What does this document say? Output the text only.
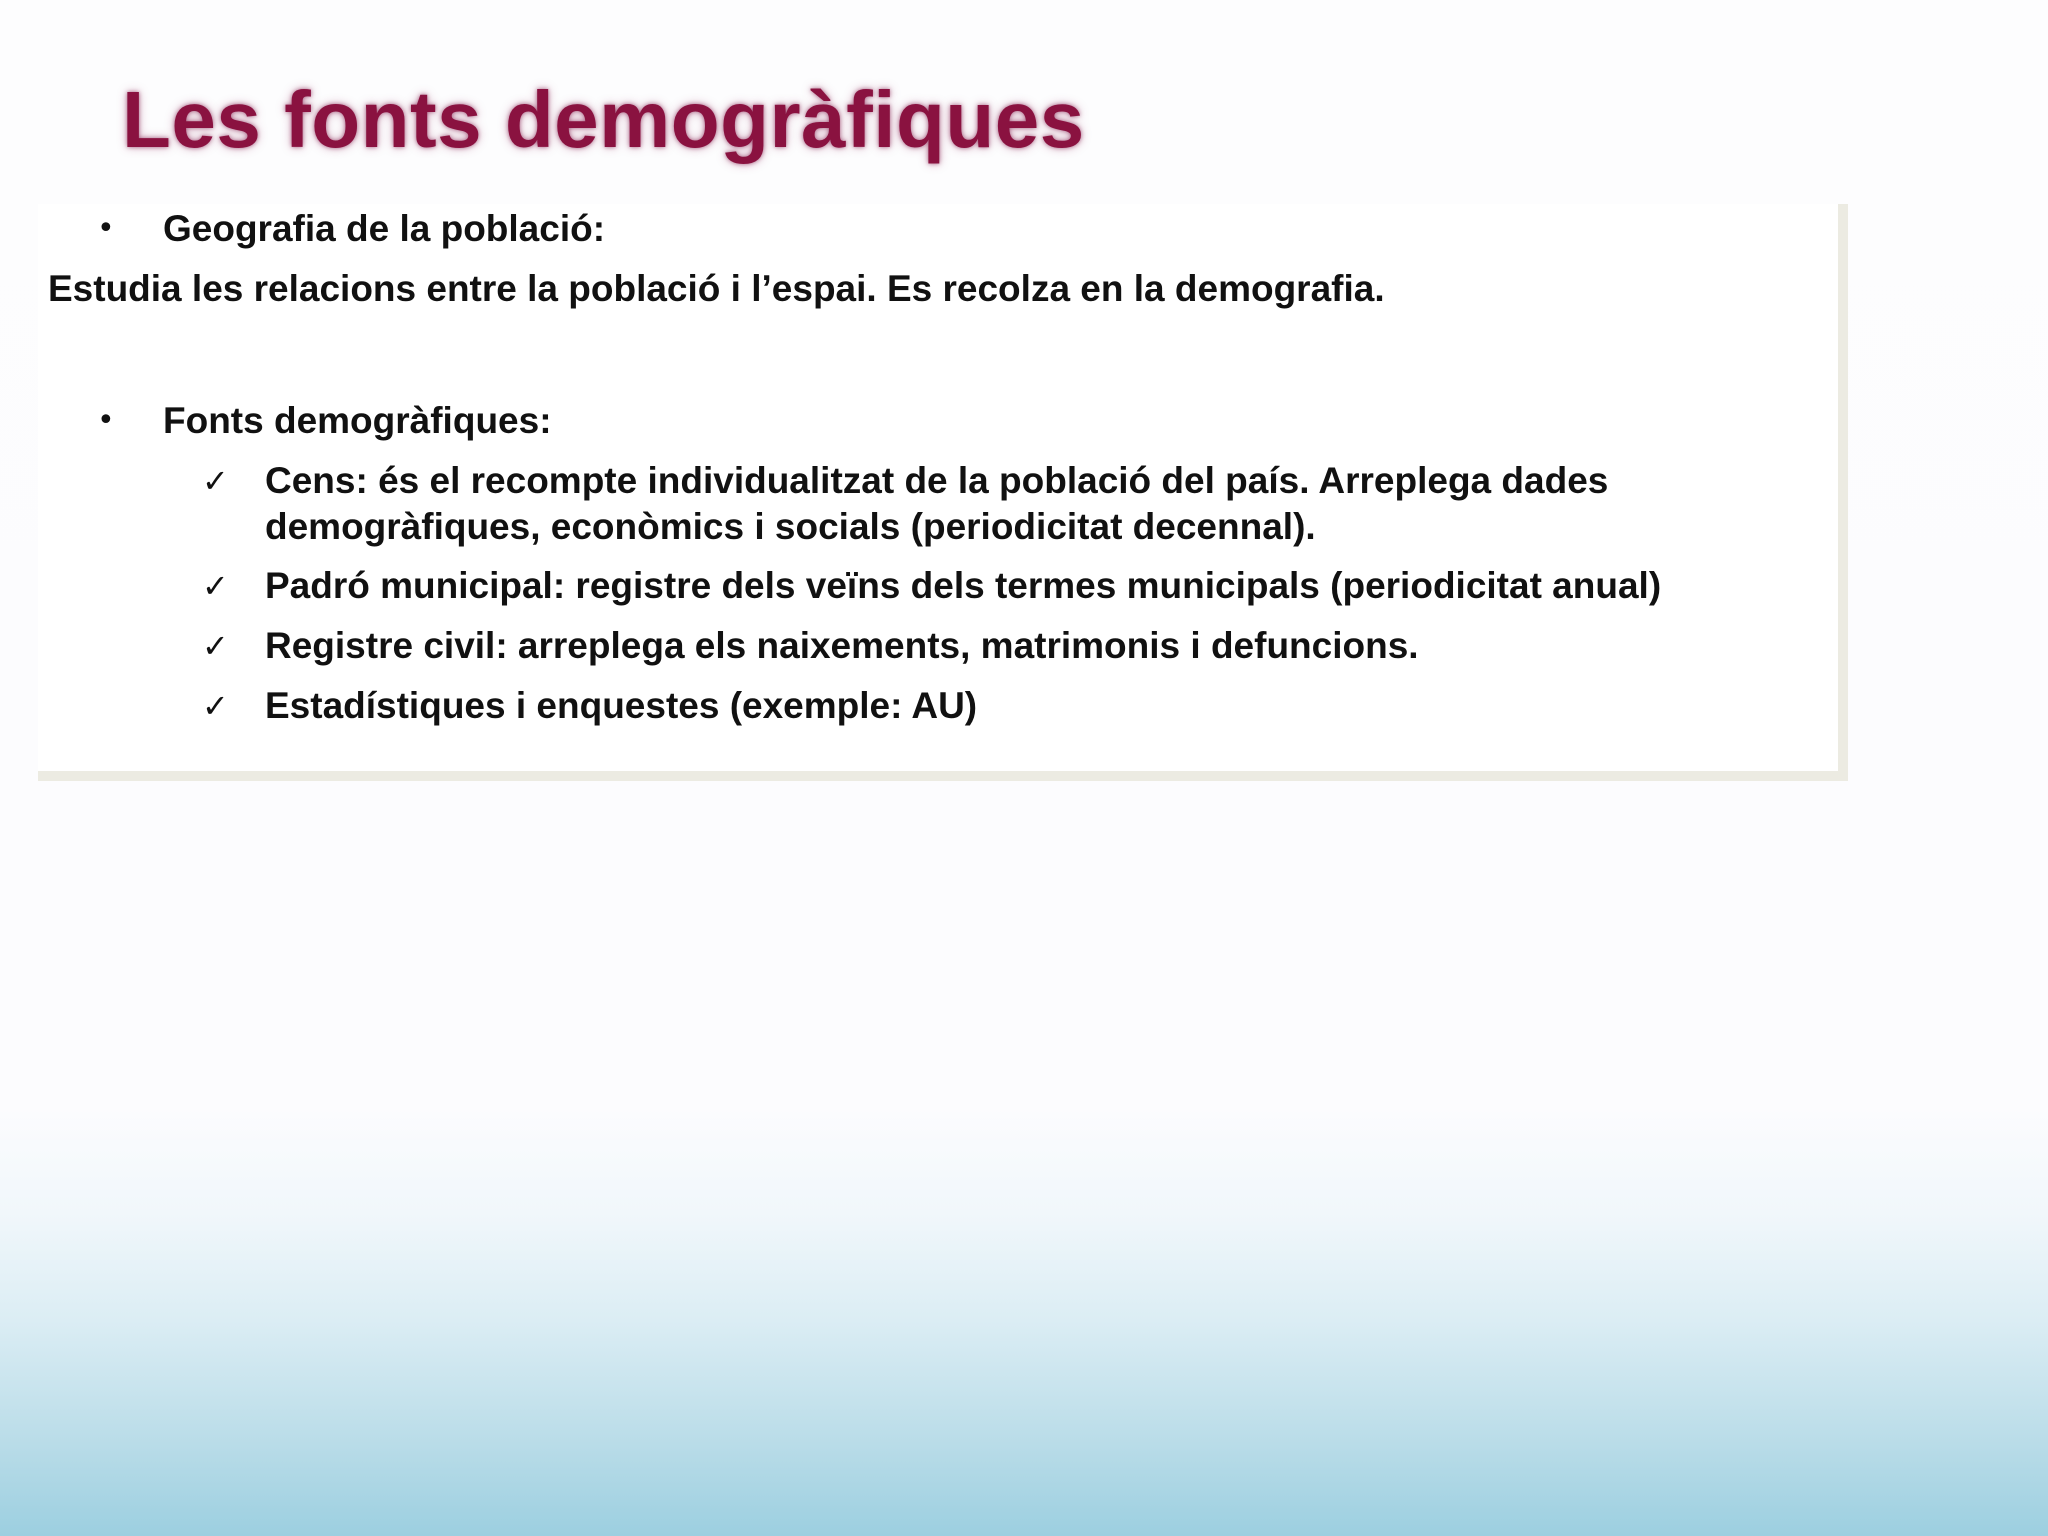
Les fonts demogràfiques
• Geografia de la població:

Estudia les relacions entre la població i l’espai. Es recolza en la demografia.

• Fonts demogràfiques:

✓ Cens: és el recompte individualitzat de la població del país. Arreplega dades

demogràfiques, econòmics i socials (periodicitat decennal).

✓ Padró municipal: registre dels veïns dels termes municipals (periodicitat anual)

✓ Registre civil: arreplega els naixements, matrimonis i defuncions.

✓ Estadístiques i enquestes (exemple: AU)
